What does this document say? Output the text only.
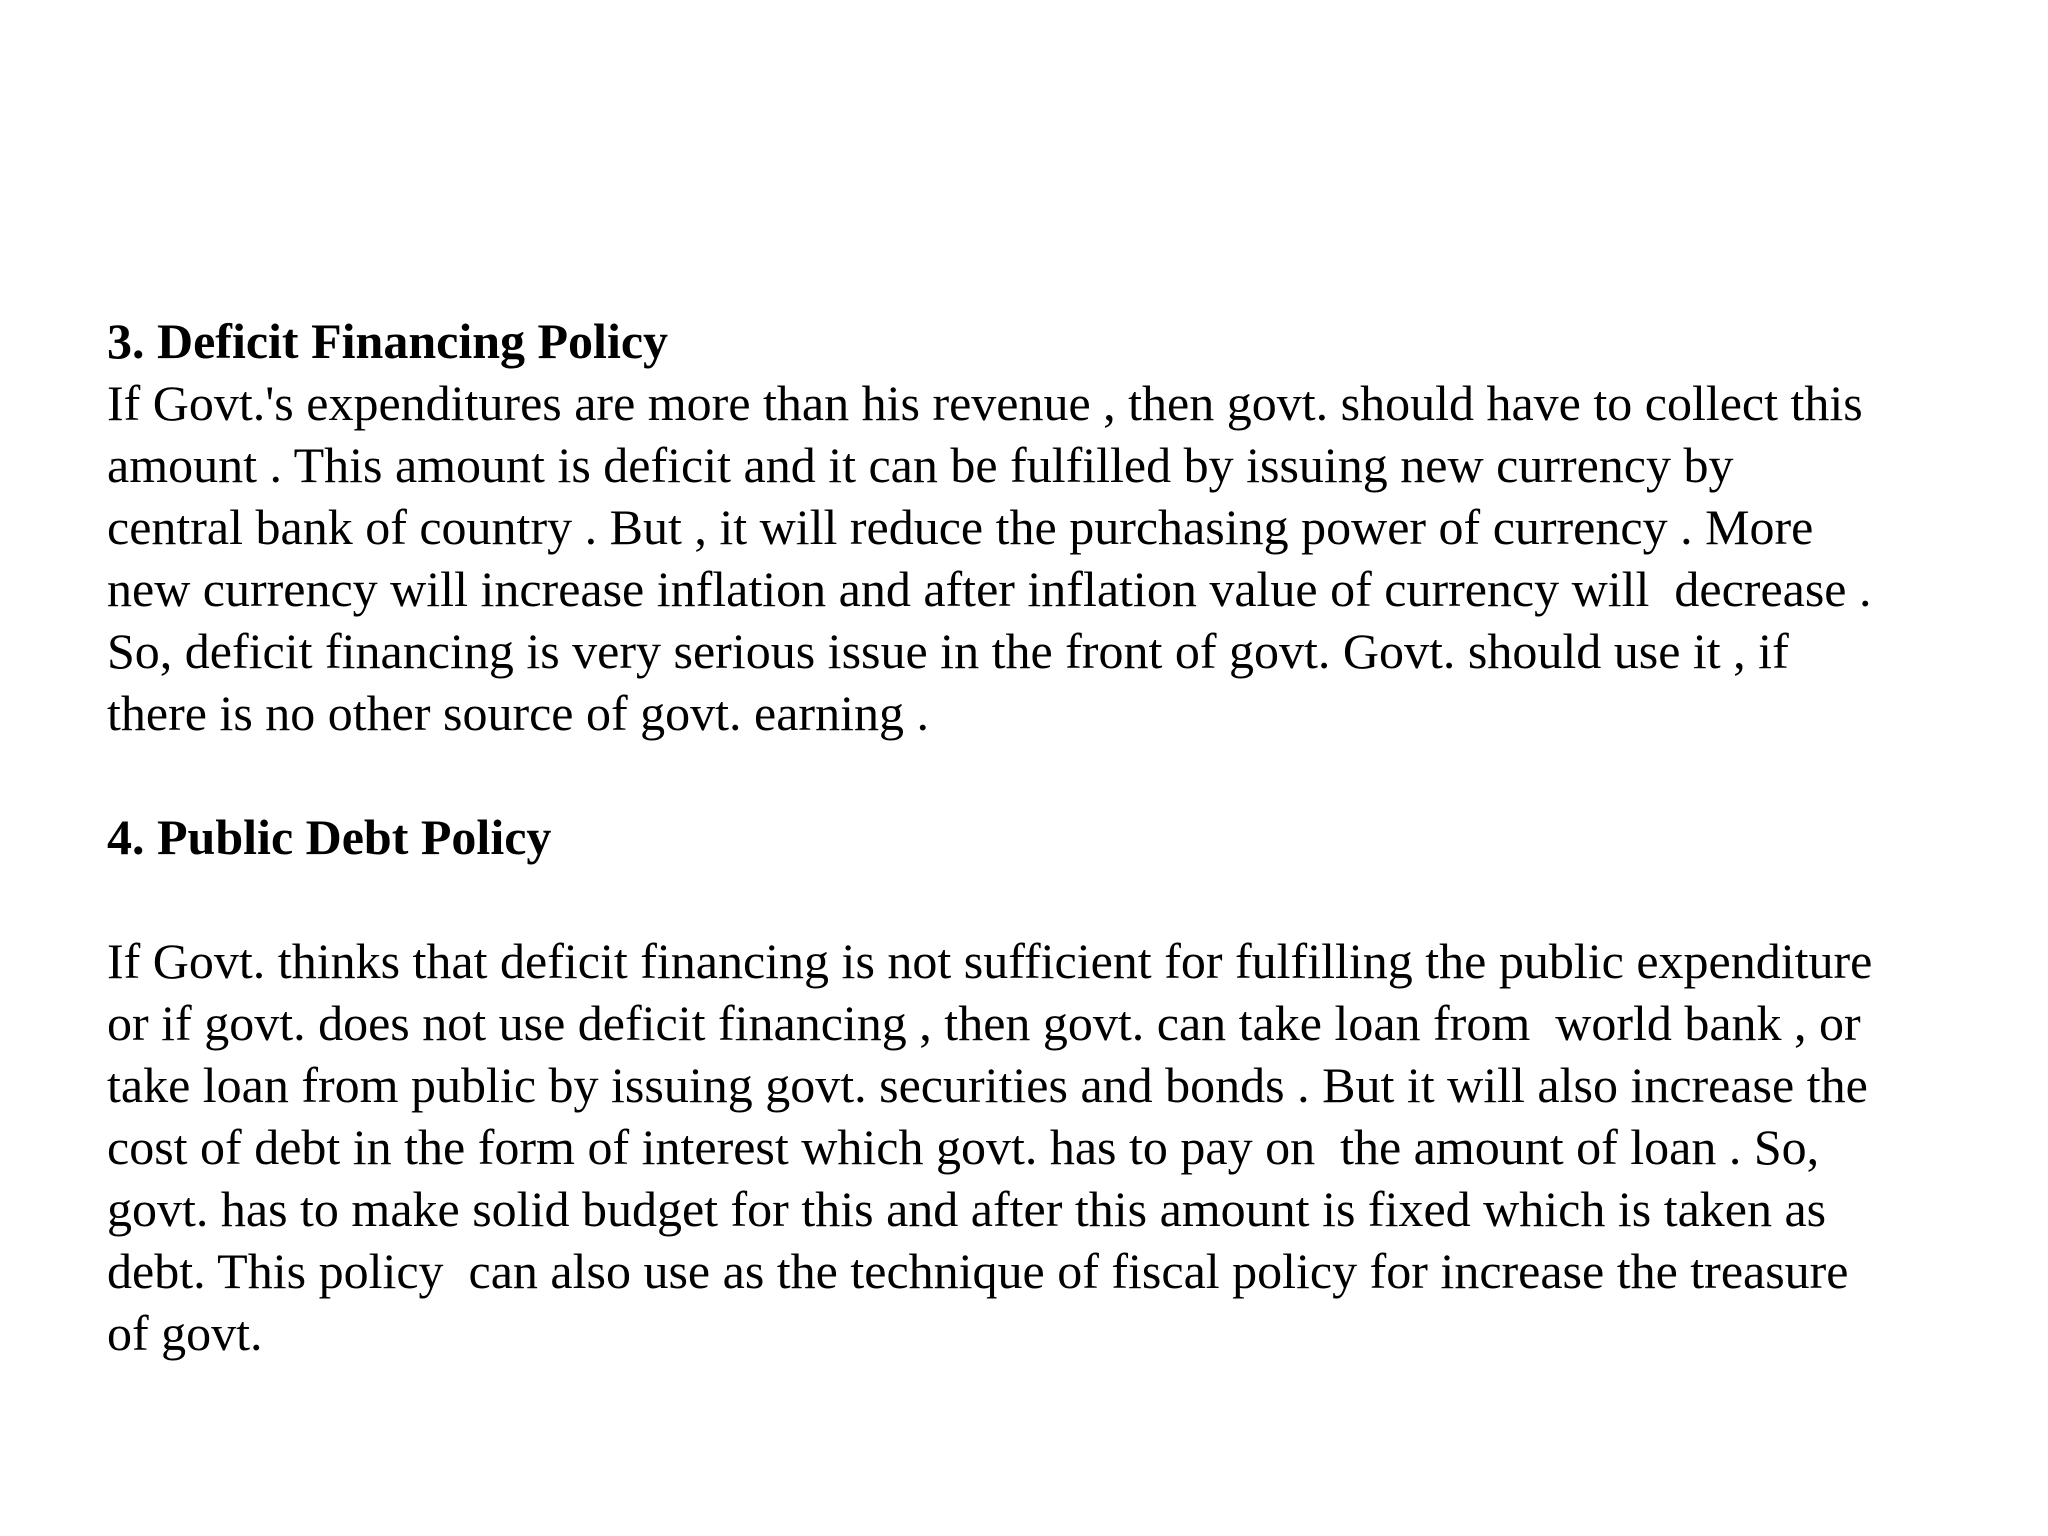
3. Deficit Financing Policy
If Govt.'s expenditures are more than his revenue , then govt. should have to collect this
amount . This amount is deficit and it can be fulfilled by issuing new currency by
central bank of country . But , it will reduce the purchasing power of currency . More
new currency will increase inflation and after inflation value of currency will  decrease .
So, deficit financing is very serious issue in the front of govt. Govt. should use it , if
there is no other source of govt. earning .
4. Public Debt Policy
If Govt. thinks that deficit financing is not sufficient for fulfilling the public expenditure
or if govt. does not use deficit financing , then govt. can take loan from  world bank , or
take loan from public by issuing govt. securities and bonds . But it will also increase the
cost of debt in the form of interest which govt. has to pay on  the amount of loan . So,
govt. has to make solid budget for this and after this amount is fixed which is taken as
debt. This policy  can also use as the technique of fiscal policy for increase the treasure
of govt.
